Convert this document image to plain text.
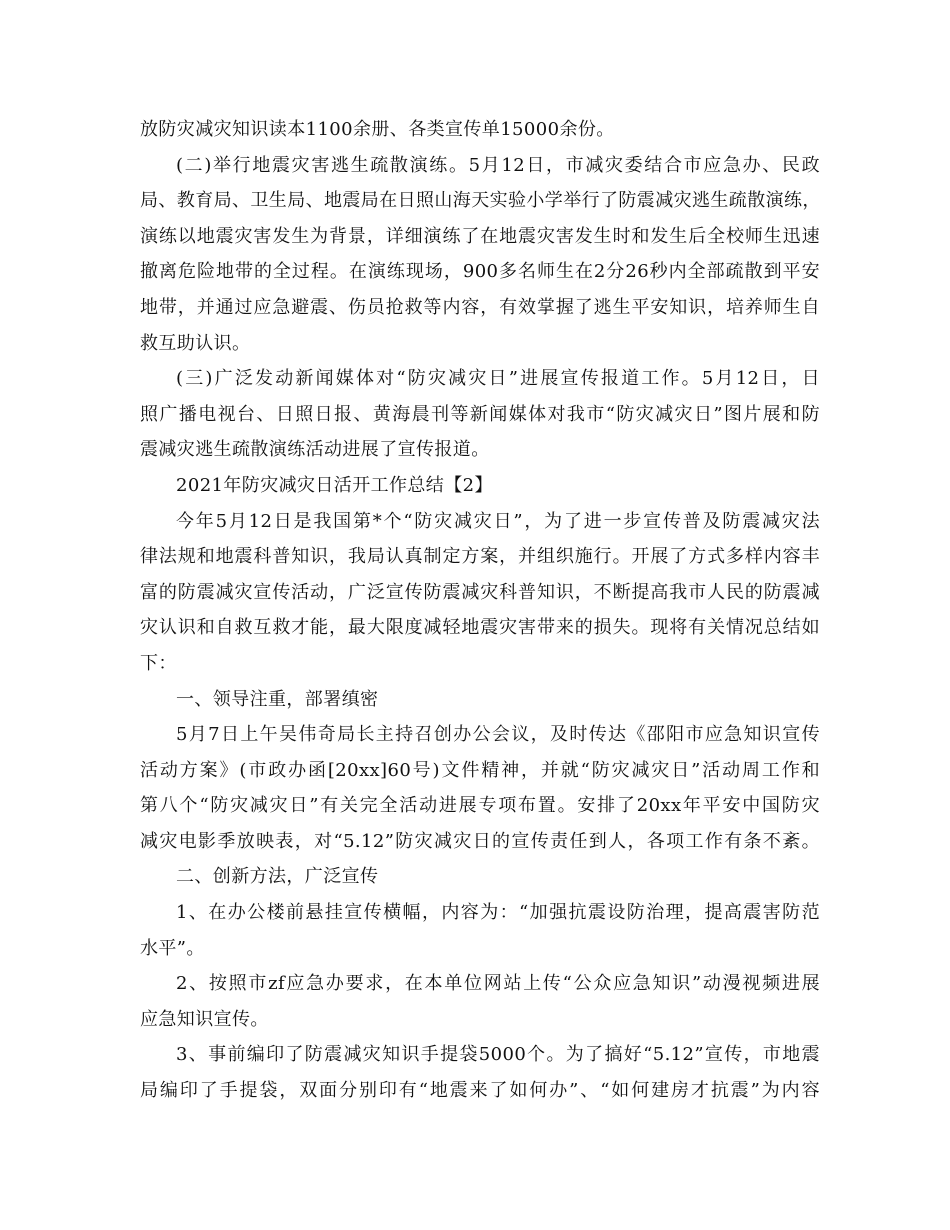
放防灾减灾知识读本1100余册、各类宣传单15000余份。
(二)举行地震灾害逃生疏散演练。5月12日，市减灾委结合市应急办、民政
局、教育局、卫生局、地震局在日照山海天实验小学举行了防震减灾逃生疏散演练，
演练以地震灾害发生为背景，详细演练了在地震灾害发生时和发生后全校师生迅速
撤离危险地带的全过程。在演练现场，900多名师生在2分26秒内全部疏散到平安
地带，并通过应急避震、伤员抢救等内容，有效掌握了逃生平安知识，培养师生自
救互助认识。
(三)广泛发动新闻媒体对“防灾减灾日”进展宣传报道工作。5月12日，日
照广播电视台、日照日报、黄海晨刊等新闻媒体对我市“防灾减灾日”图片展和防
震减灾逃生疏散演练活动进展了宣传报道。
2021年防灾减灾日活开工作总结【2】
今年5月12日是我国第*个“防灾减灾日”，为了进一步宣传普及防震减灾法
律法规和地震科普知识，我局认真制定方案，并组织施行。开展了方式多样内容丰
富的防震减灾宣传活动，广泛宣传防震减灾科普知识，不断提高我市人民的防震减
灾认识和自救互救才能，最大限度减轻地震灾害带来的损失。现将有关情况总结如
下：
一、领导注重，部署缜密
5月7日上午吴伟奇局长主持召创办公会议，及时传达《邵阳市应急知识宣传
活动方案》(市政办函[20xx]60号)文件精神，并就“防灾减灾日”活动周工作和
第八个“防灾减灾日”有关完全活动进展专项布置。安排了20xx年平安中国防灾
减灾电影季放映表，对“5.12”防灾减灾日的宣传责任到人，各项工作有条不紊。
二、创新方法，广泛宣传
1、在办公楼前悬挂宣传横幅，内容为：“加强抗震设防治理，提高震害防范
水平”。
2、按照市zf应急办要求，在本单位网站上传“公众应急知识”动漫视频进展
应急知识宣传。
3、事前编印了防震减灾知识手提袋5000个。为了搞好“5.12”宣传，市地震
局编印了手提袋，双面分别印有“地震来了如何办”、“如何建房才抗震”为内容
